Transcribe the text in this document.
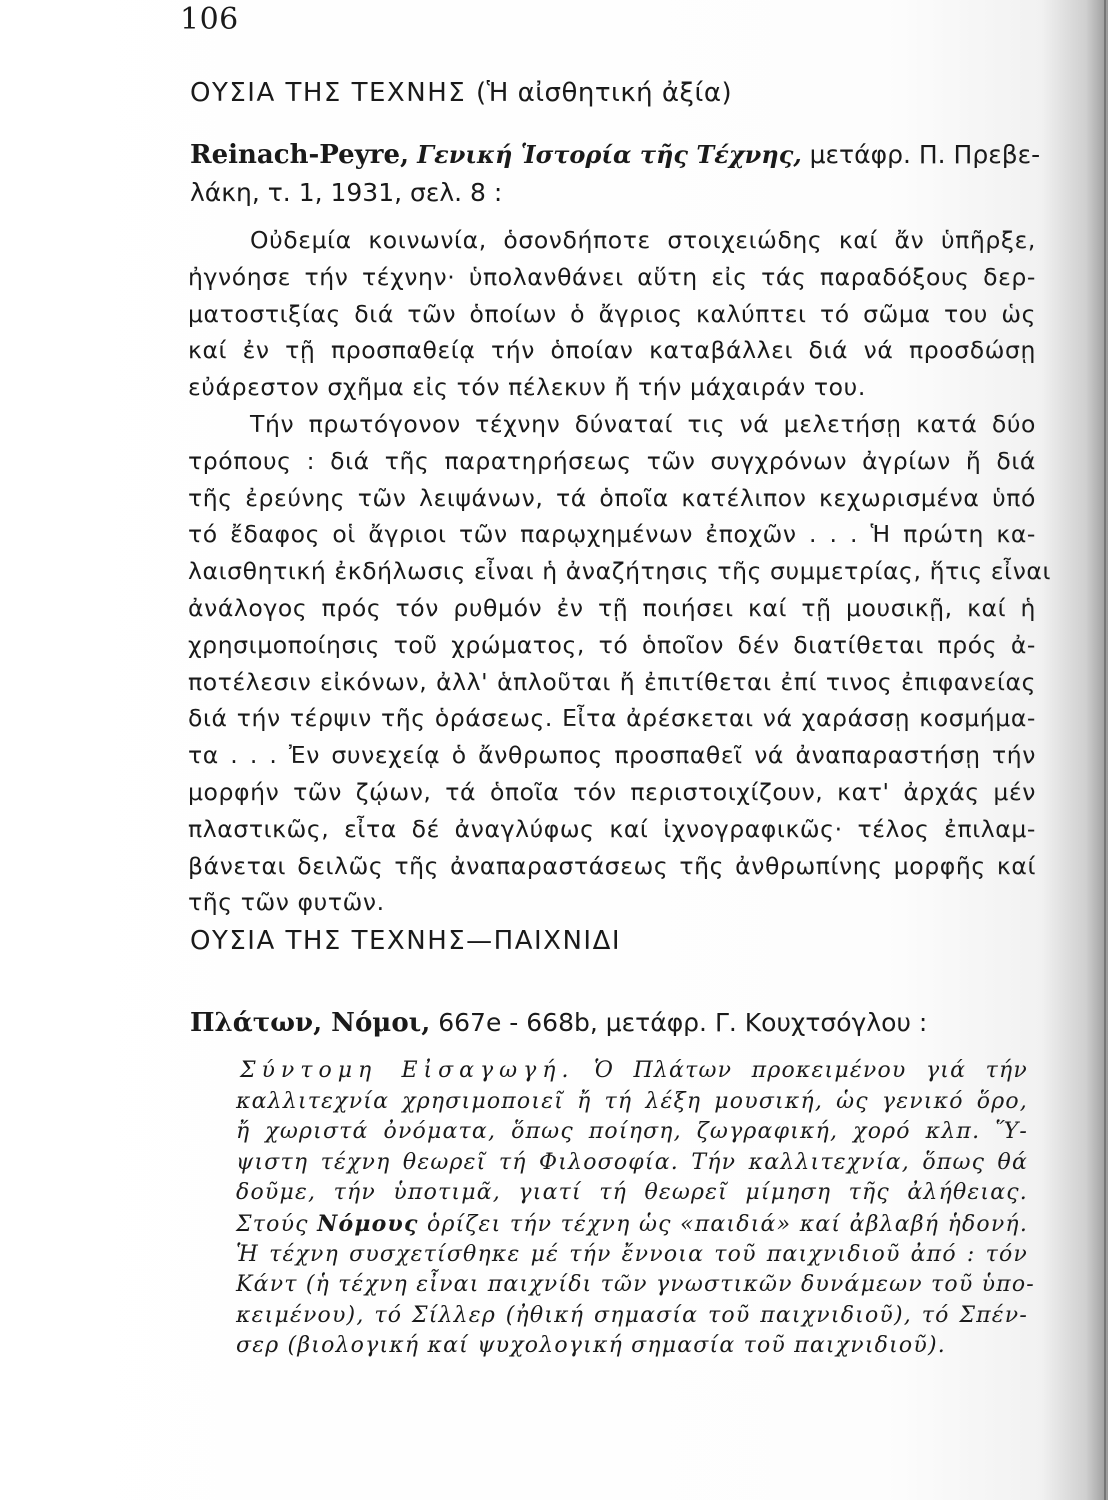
106
ΟΥΣΙΑ ΤΗΣ ΤΕΧΝΗΣ (Ἡ αἰσθητική ἀξία)
Reinach-Peyre, Γενική Ἱστορία τῆς Τέχνης, μετάφρ. Π. Πρεβε-
λάκη, τ. 1, 1931, σελ. 8 :
Οὐδεμία κοινωνία, ὁσονδήποτε στοιχειώδης καί ἄν ὑπῆρξε,
ἠγνόησε τήν τέχνην· ὑπολανθάνει αὕτη εἰς τάς παραδόξους δερ-
ματοστιξίας διά τῶν ὁποίων ὁ ἄγριος καλύπτει τό σῶμα του ὡς
καί ἐν τῇ προσπαθείᾳ τήν ὁποίαν καταβάλλει διά νά προσδώσῃ
εὐάρεστον σχῆμα εἰς τόν πέλεκυν ἤ τήν μάχαιράν του.
Τήν πρωτόγονον τέχνην δύναταί τις νά μελετήσῃ κατά δύο
τρόπους : διά τῆς παρατηρήσεως τῶν συγχρόνων ἀγρίων ἤ διά
τῆς ἐρεύνης τῶν λειψάνων, τά ὁποῖα κατέλιπον κεχωρισμένα ὑπό
τό ἔδαφος οἱ ἄγριοι τῶν παρῳχημένων ἐποχῶν . . . Ἡ πρώτη κα-
λαισθητική ἐκδήλωσις εἶναι ἡ ἀναζήτησις τῆς συμμετρίας, ἥτις εἶναι
ἀνάλογος πρός τόν ρυθμόν ἐν τῇ ποιήσει καί τῇ μουσικῇ, καί ἡ
χρησιμοποίησις τοῦ χρώματος, τό ὁποῖον δέν διατίθεται πρός ἀ-
ποτέλεσιν εἰκόνων, ἀλλ' ἁπλοῦται ἤ ἐπιτίθεται ἐπί τινος ἐπιφανείας
διά τήν τέρψιν τῆς ὁράσεως. Εἶτα ἀρέσκεται νά χαράσσῃ κοσμήμα-
τα . . . Ἐν συνεχείᾳ ὁ ἄνθρωπος προσπαθεῖ νά ἀναπαραστήσῃ τήν
μορφήν τῶν ζῴων, τά ὁποῖα τόν περιστοιχίζουν, κατ' ἀρχάς μέν
πλαστικῶς, εἶτα δέ ἀναγλύφως καί ἰχνογραφικῶς· τέλος ἐπιλαμ-
βάνεται δειλῶς τῆς ἀναπαραστάσεως τῆς ἀνθρωπίνης μορφῆς καί
τῆς τῶν φυτῶν.
ΟΥΣΙΑ ΤΗΣ ΤΕΧΝΗΣ—ΠΑΙΧΝΙΔΙ
Πλάτων, Νόμοι, 667e - 668b, μετάφρ. Γ. Κουχτσόγλου :
Σύντομη Εἰσαγωγή. Ὁ Πλάτων προκειμένου γιά τήν
καλλιτεχνία χρησιμοποιεῖ ἤ τή λέξη μουσική, ὡς γενικό ὅρο,
ἤ χωριστά ὀνόματα, ὅπως ποίηση, ζωγραφική, χορό κλπ. Ὕ-
ψιστη τέχνη θεωρεῖ τή Φιλοσοφία. Τήν καλλιτεχνία, ὅπως θά
δοῦμε, τήν ὑποτιμᾶ, γιατί τή θεωρεῖ μίμηση τῆς ἀλήθειας.
Στούς Νόμους ὁρίζει τήν τέχνη ὡς «παιδιά» καί ἀβλαβή ἡδονή.
Ἡ τέχνη συσχετίσθηκε μέ τήν ἔννοια τοῦ παιχνιδιοῦ ἀπό : τόν
Κάντ (ἡ τέχνη εἶναι παιχνίδι τῶν γνωστικῶν δυνάμεων τοῦ ὑπο-
κειμένου), τό Σίλλερ (ἠθική σημασία τοῦ παιχνιδιοῦ), τό Σπέν-
σερ (βιολογική καί ψυχολογική σημασία τοῦ παιχνιδιοῦ).
